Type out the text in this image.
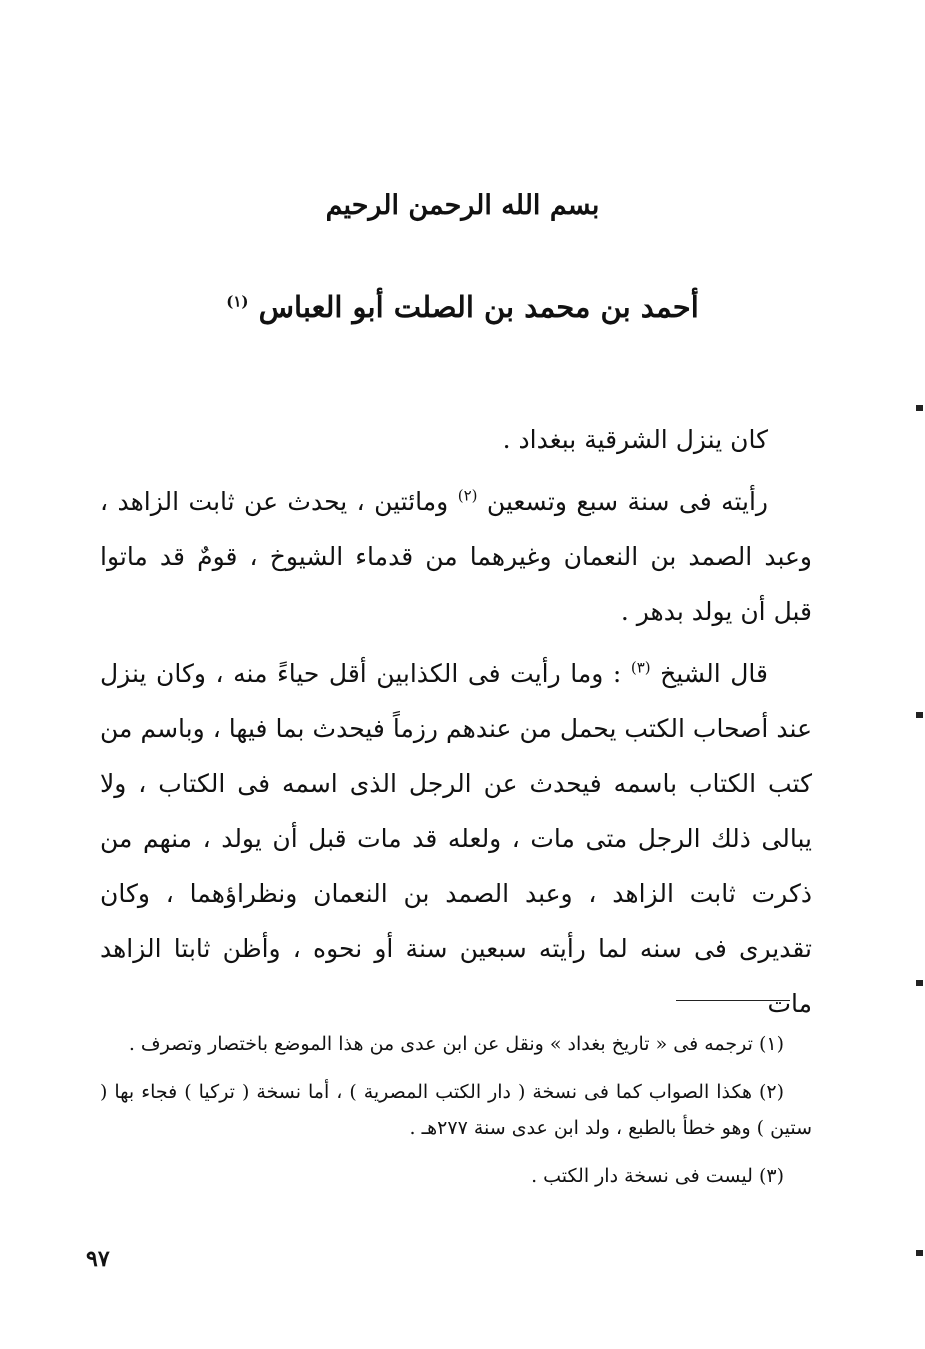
بسم الله الرحمن الرحيم
أحمد بن محمد بن الصلت أبو العباس $^{(١)}$

كان ينزل الشرقية ببغداد .

رأيته فى سنة سبع وتسعين $^{(٢)}$ ومائتين ، يحدث عن ثابت الزاهد ، وعبد الصمد بن النعمان وغيرهما من قدماء الشيوخ ، قومٌ قد ماتوا قبل أن يولد بدهر .

قال الشيخ $^{(٣)}$ : وما رأيت فى الكذابين أقل حياءً منه ، وكان ينزل عند أصحاب الكتب يحمل من عندهم رزماً فيحدث بما فيها ، وباسم من كتب الكتاب باسمه فيحدث عن الرجل الذى اسمه فى الكتاب ، ولا يبالى ذلك الرجل متى مات ، ولعله قد مات قبل أن يولد ، منهم من ذكرت ثابت الزاهد ، وعبد الصمد بن النعمان ونظراؤهما ، وكان تقديرى فى سنه لما رأيته سبعين سنة أو نحوه ، وأظن ثابتا الزاهد مات

(١) ترجمه فى « تاريخ بغداد » ونقل عن ابن عدى من هذا الموضع باختصار وتصرف .

(٢) هكذا الصواب كما فى نسخة ( دار الكتب المصرية ) ، أما نسخة ( تركيا ) فجاء بها ( ستين ) وهو خطأ بالطبع ، ولد ابن عدى سنة ٢٧٧هـ .

(٣) ليست فى نسخة دار الكتب .

٩٧
